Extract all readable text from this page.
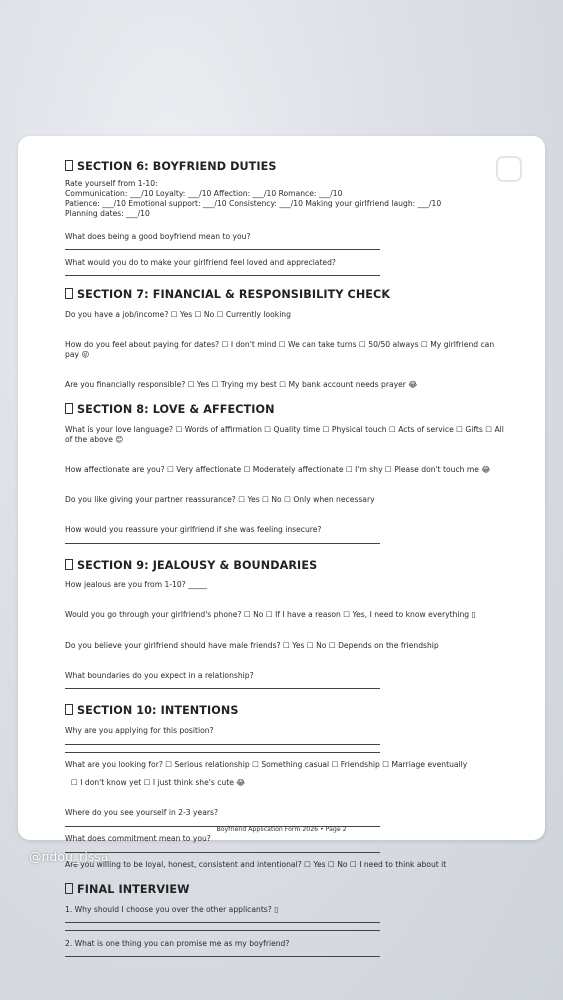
SECTION 6: BOYFRIEND DUTIES

Rate yourself from 1-10:

Communication: ___/10 Loyalty: ___/10 Affection: ___/10 Romance: ___/10

Patience: ___/10 Emotional support: ___/10 Consistency: ___/10 Making your girlfriend laugh: ___/10

Planning dates: ___/10

What does being a good boyfriend mean to you?

What would you do to make your girlfriend feel loved and appreciated?

SECTION 7: FINANCIAL & RESPONSIBILITY CHECK

Do you have a job/income? ☐ Yes ☐ No ☐ Currently looking

How do you feel about paying for dates? ☐ I don't mind ☐ We can take turns ☐ 50/50 always ☐ My girlfriend can pay 😜

Are you financially responsible? ☐ Yes ☐ Trying my best ☐ My bank account needs prayer 😂

SECTION 8: LOVE & AFFECTION

What is your love language? ☐ Words of affirmation ☐ Quality time ☐ Physical touch ☐ Acts of service ☐ Gifts ☐ All of the above 😊

How affectionate are you? ☐ Very affectionate ☐ Moderately affectionate ☐ I'm shy ☐ Please don't touch me 😂

Do you like giving your partner reassurance? ☐ Yes ☐ No ☐ Only when necessary

How would you reassure your girlfriend if she was feeling insecure?

SECTION 9: JEALOUSY & BOUNDARIES

How jealous are you from 1-10? _____

Would you go through your girlfriend's phone? ☐ No ☐ If I have a reason ☐ Yes, I need to know everything ▯

Do you believe your girlfriend should have male friends? ☐ Yes ☐ No ☐ Depends on the friendship

What boundaries do you expect in a relationship?

SECTION 10: INTENTIONS

Why are you applying for this position?

What are you looking for? ☐ Serious relationship ☐ Something casual ☐ Friendship ☐ Marriage eventually

☐ I don't know yet ☐ I just think she's cute 😂

Where do you see yourself in 2-3 years?

What does commitment mean to you?

Are you willing to be loyal, honest, consistent and intentional? ☐ Yes ☐ No ☐ I need to think about it

FINAL INTERVIEW

1. Why should I choose you over the other applicants? ▯

2. What is one thing you can promise me as my boyfriend?

Boyfriend Application Form 2026 • Page 2
@ndou_rissa
